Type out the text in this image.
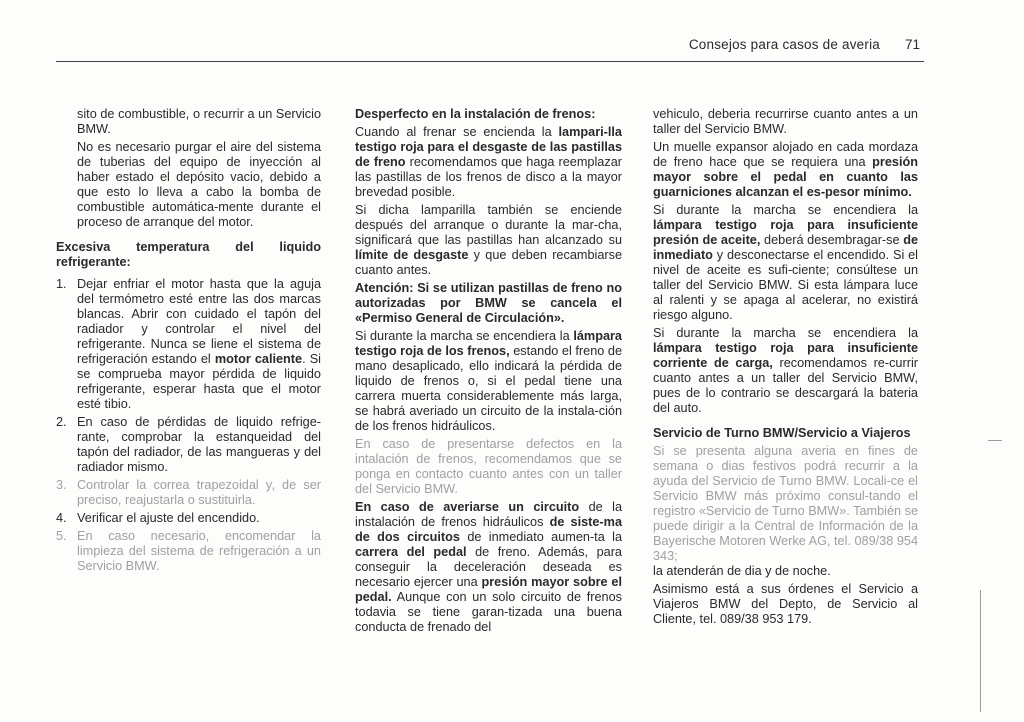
Consejos para casos de averia 71

sito de combustible, o recurrir a un Servicio BMW.

No es necesario purgar el aire del sistema de tuberias del equipo de inyección al haber estado el depósito vacio, debido a que esto lo lleva a cabo la bomba de combustible automática-mente durante el proceso de arranque del motor.

Excesiva temperatura del liquido refrigerante:
1. Dejar enfriar el motor hasta que la aguja del termómetro esté entre las dos marcas blancas. Abrir con cuidado el tapón del radiador y controlar el nivel del refrigerante. Nunca se liene el sistema de refrigeración estando el motor caliente. Si se comprueba mayor pérdida de liquido refrigerante, esperar hasta que el motor esté tibio.
2. En caso de pérdidas de liquido refrige-rante, comprobar la estanqueidad del tapón del radiador, de las mangueras y del radiador mismo.
3. Controlar la correa trapezoidal y, de ser preciso, reajustarla o sustituirla.
4. Verificar el ajuste del encendido.
5. En caso necesario, encomendar la limpieza del sistema de refrigeración a un Servicio BMW.
Desperfecto en la instalación de frenos:

Cuando al frenar se encienda la lampari-lla testigo roja para el desgaste de las pastillas de freno recomendamos que haga reemplazar las pastillas de los frenos de disco a la mayor brevedad posible.

Si dicha lamparilla también se enciende después del arranque o durante la mar-cha, significará que las pastillas han alcanzado su límite de desgaste y que deben recambiarse cuanto antes.

Atención: Si se utilizan pastillas de freno no autorizadas por BMW se cancela el «Permiso General de Circulación».

Si durante la marcha se encendiera la lámpara testigo roja de los frenos, estando el freno de mano desaplicado, ello indicará la pérdida de liquido de frenos o, si el pedal tiene una carrera muerta considerablemente más larga, se habrá averiado un circuito de la instala-ción de los frenos hidráulicos.

En caso de presentarse defectos en la intalación de frenos, recomendamos que se ponga en contacto cuanto antes con un taller del Servicio BMW.

En caso de averiarse un circuito de la instalación de frenos hidráulicos de siste-ma de dos circuitos de inmediato aumen-ta la carrera del pedal de freno. Además, para conseguir la deceleración deseada es necesario ejercer una presión mayor sobre el pedal. Aunque con un solo circuito de frenos todavia se tiene garan-tizada una buena conducta de frenado del

vehiculo, deberia recurrirse cuanto antes a un taller del Servicio BMW.

Un muelle expansor alojado en cada mordaza de freno hace que se requiera una presión mayor sobre el pedal en cuanto las guarniciones alcanzan el es-pesor mínimo.

Si durante la marcha se encendiera la lámpara testigo roja para insuficiente presión de aceite, deberá desembragar-se de inmediato y desconectarse el encendido. Si el nivel de aceite es sufi-ciente; consúltese un taller del Servicio BMW. Si esta lámpara luce al ralenti y se apaga al acelerar, no existirá riesgo alguno.

Si durante la marcha se encendiera la lámpara testigo roja para insuficiente corriente de carga, recomendamos re-currir cuanto antes a un taller del Servicio BMW, pues de lo contrario se descargará la bateria del auto.

Servicio de Turno BMW/Servicio a Viajeros

Si se presenta alguna averia en fines de semana o dias festivos podrá recurrir a la ayuda del Servicio de Turno BMW. Locali-ce el Servicio BMW más próximo consul-tando el registro «Servicio de Turno BMW». También se puede dirigir a la Central de Información de la Bayerische Motoren Werke AG, tel. 089/38 954 343;

la atenderán de dia y de noche.

Asimismo está a sus órdenes el Servicio a Viajeros BMW del Depto, de Servicio al Cliente, tel. 089/38 953 179.
